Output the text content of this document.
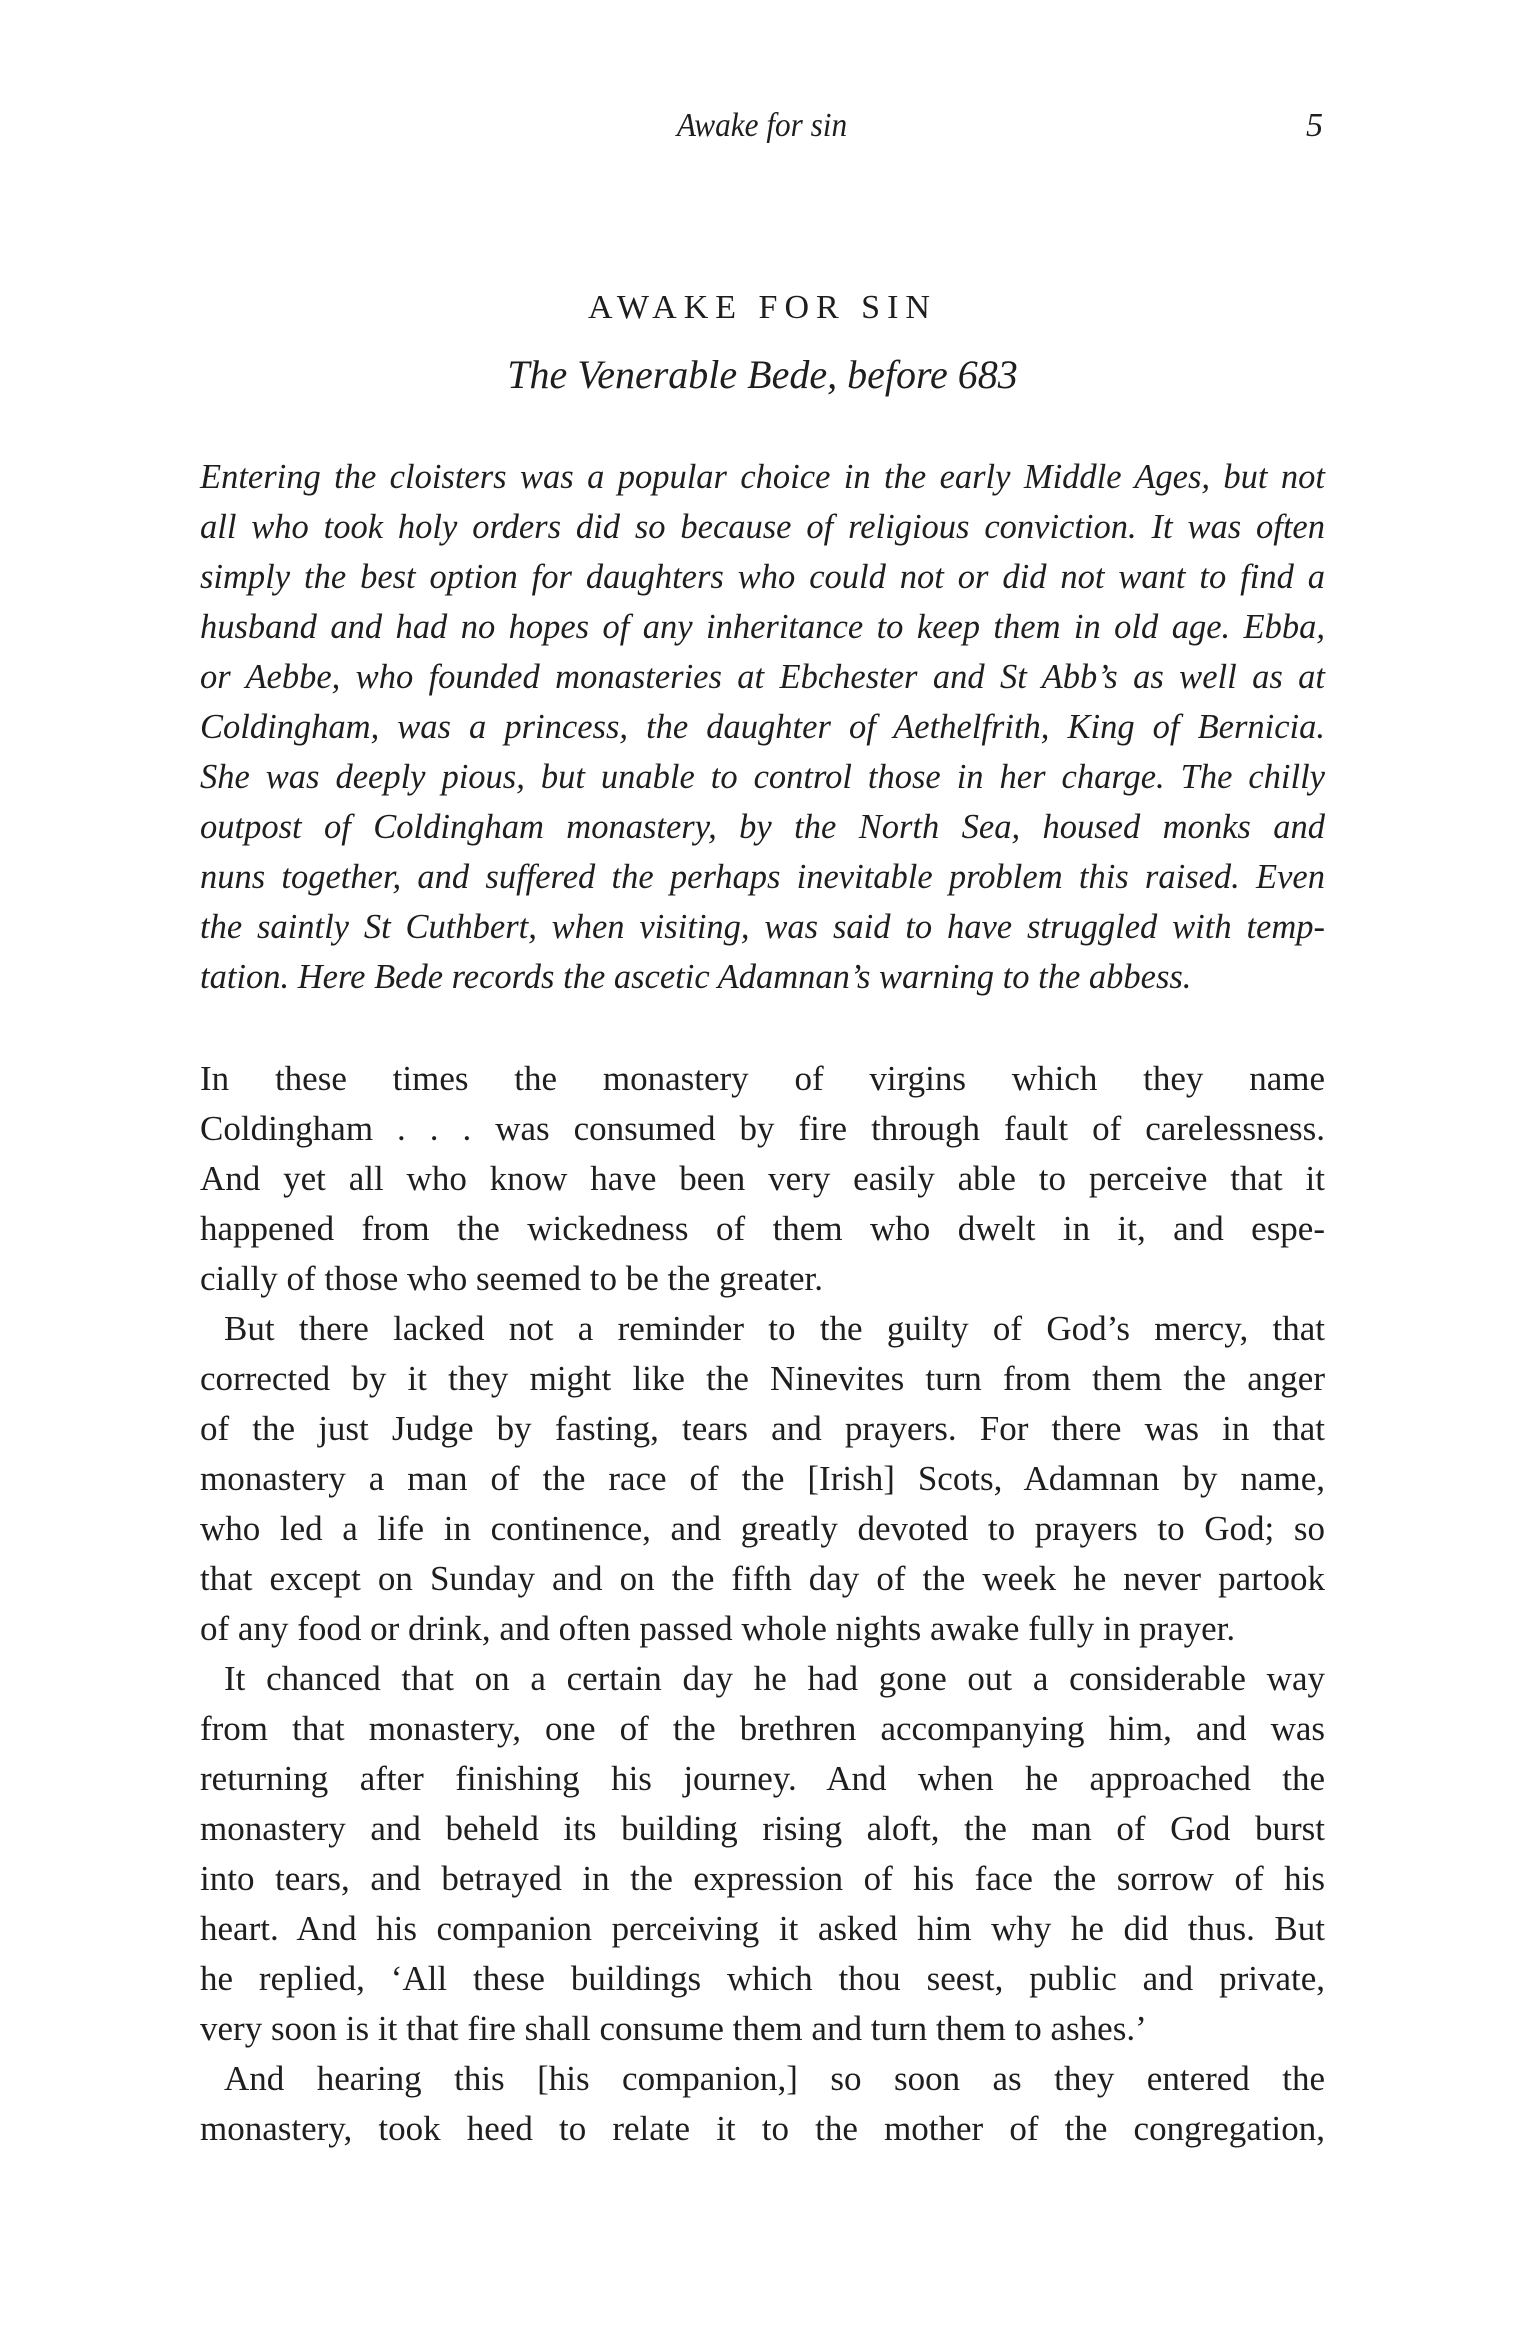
Awake for sin	5
AWAKE FOR SIN
The Venerable Bede, before 683
Entering the cloisters was a popular choice in the early Middle Ages, but not
all who took holy orders did so because of religious conviction. It was often
simply the best option for daughters who could not or did not want to find a
husband and had no hopes of any inheritance to keep them in old age. Ebba,
or Aebbe, who founded monasteries at Ebchester and St Abb’s as well as at
Coldingham, was a princess, the daughter of Aethelfrith, King of Bernicia.
She was deeply pious, but unable to control those in her charge. The chilly
outpost of Coldingham monastery, by the North Sea, housed monks and
nuns together, and suffered the perhaps inevitable problem this raised. Even
the saintly St Cuthbert, when visiting, was said to have struggled with temp-
tation. Here Bede records the ascetic Adamnan’s warning to the abbess.
In these times the monastery of virgins which they name
Coldingham . . . was consumed by fire through fault of carelessness.
And yet all who know have been very easily able to perceive that it
happened from the wickedness of them who dwelt in it, and espe-
cially of those who seemed to be the greater.
But there lacked not a reminder to the guilty of God’s mercy, that
corrected by it they might like the Ninevites turn from them the anger
of the just Judge by fasting, tears and prayers. For there was in that
monastery a man of the race of the [Irish] Scots, Adamnan by name,
who led a life in continence, and greatly devoted to prayers to God; so
that except on Sunday and on the fifth day of the week he never partook
of any food or drink, and often passed whole nights awake fully in prayer.
It chanced that on a certain day he had gone out a considerable way
from that monastery, one of the brethren accompanying him, and was
returning after finishing his journey. And when he approached the
monastery and beheld its building rising aloft, the man of God burst
into tears, and betrayed in the expression of his face the sorrow of his
heart. And his companion perceiving it asked him why he did thus. But
he replied, ‘All these buildings which thou seest, public and private,
very soon is it that fire shall consume them and turn them to ashes.’
And hearing this [his companion,] so soon as they entered the
monastery, took heed to relate it to the mother of the congregation,
